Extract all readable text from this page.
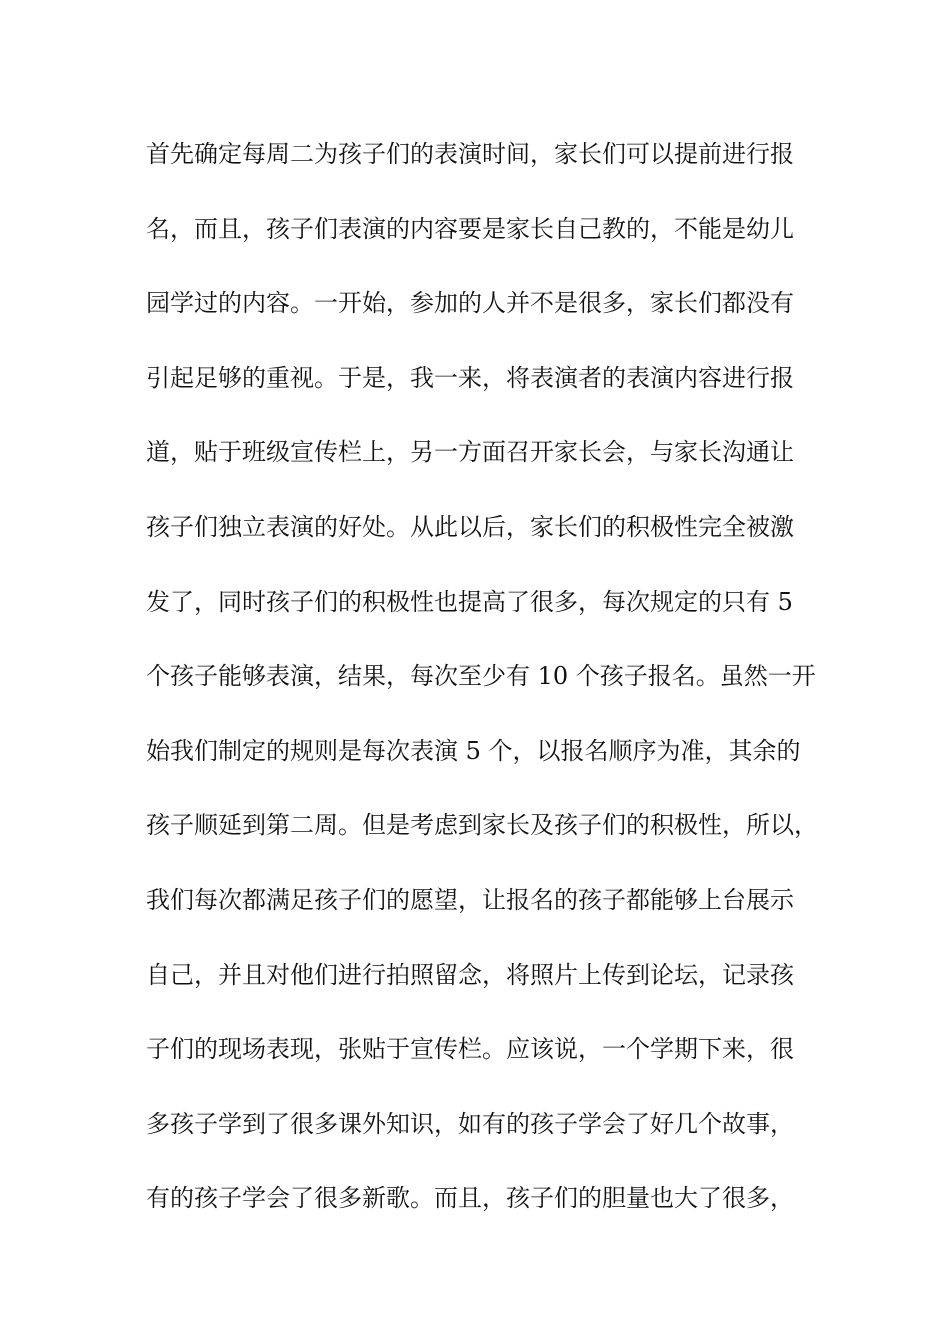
首先确定每周二为孩子们的表演时间，家长们可以提前进行报
名，而且，孩子们表演的内容要是家长自己教的，不能是幼儿
园学过的内容。一开始，参加的人并不是很多，家长们都没有
引起足够的重视。于是，我一来，将表演者的表演内容进行报
道，贴于班级宣传栏上，另一方面召开家长会，与家长沟通让
孩子们独立表演的好处。从此以后，家长们的积极性完全被激
发了，同时孩子们的积极性也提高了很多，每次规定的只有 5
个孩子能够表演，结果，每次至少有 10 个孩子报名。虽然一开
始我们制定的规则是每次表演 5 个，以报名顺序为准，其余的
孩子顺延到第二周。但是考虑到家长及孩子们的积极性，所以，
我们每次都满足孩子们的愿望，让报名的孩子都能够上台展示
自己，并且对他们进行拍照留念，将照片上传到论坛，记录孩
子们的现场表现，张贴于宣传栏。应该说，一个学期下来，很
多孩子学到了很多课外知识，如有的孩子学会了好几个故事，
有的孩子学会了很多新歌。而且，孩子们的胆量也大了很多，
